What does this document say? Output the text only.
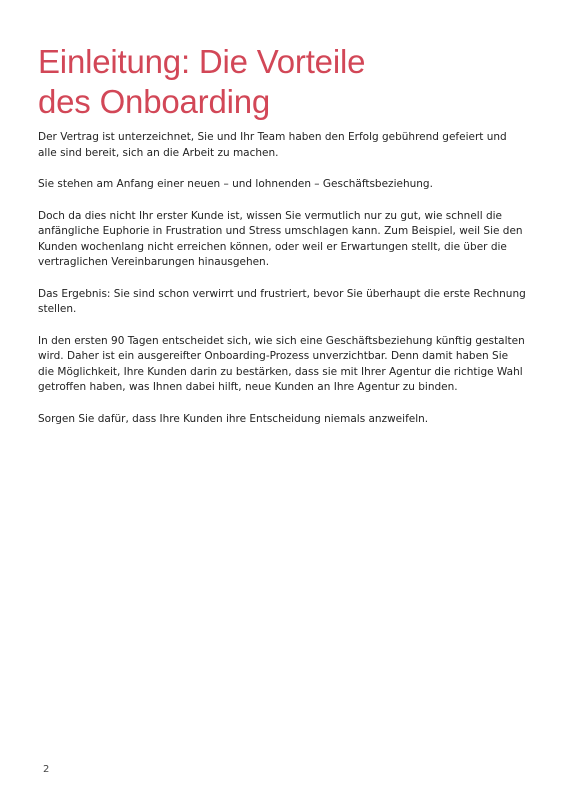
Einleitung: Die Vorteile
des Onboarding

Der Vertrag ist unterzeichnet, Sie und Ihr Team haben den Erfolg gebührend gefeiert und alle sind bereit, sich an die Arbeit zu machen.

Sie stehen am Anfang einer neuen – und lohnenden – Geschäftsbeziehung.

Doch da dies nicht Ihr erster Kunde ist, wissen Sie vermutlich nur zu gut, wie schnell die anfängliche Euphorie in Frustration und Stress umschlagen kann. Zum Beispiel, weil Sie den Kunden wochenlang nicht erreichen können, oder weil er Erwartungen stellt, die über die vertraglichen Vereinbarungen hinausgehen.

Das Ergebnis: Sie sind schon verwirrt und frustriert, bevor Sie überhaupt die erste Rechnung stellen.

In den ersten 90 Tagen entscheidet sich, wie sich eine Geschäftsbeziehung künftig gestalten wird. Daher ist ein ausgereifter Onboarding-Prozess unverzichtbar. Denn damit haben Sie die Möglichkeit, Ihre Kunden darin zu bestärken, dass sie mit Ihrer Agentur die richtige Wahl getroffen haben, was Ihnen dabei hilft, neue Kunden an Ihre Agentur zu binden.

Sorgen Sie dafür, dass Ihre Kunden ihre Entscheidung niemals anzweifeln.

2
